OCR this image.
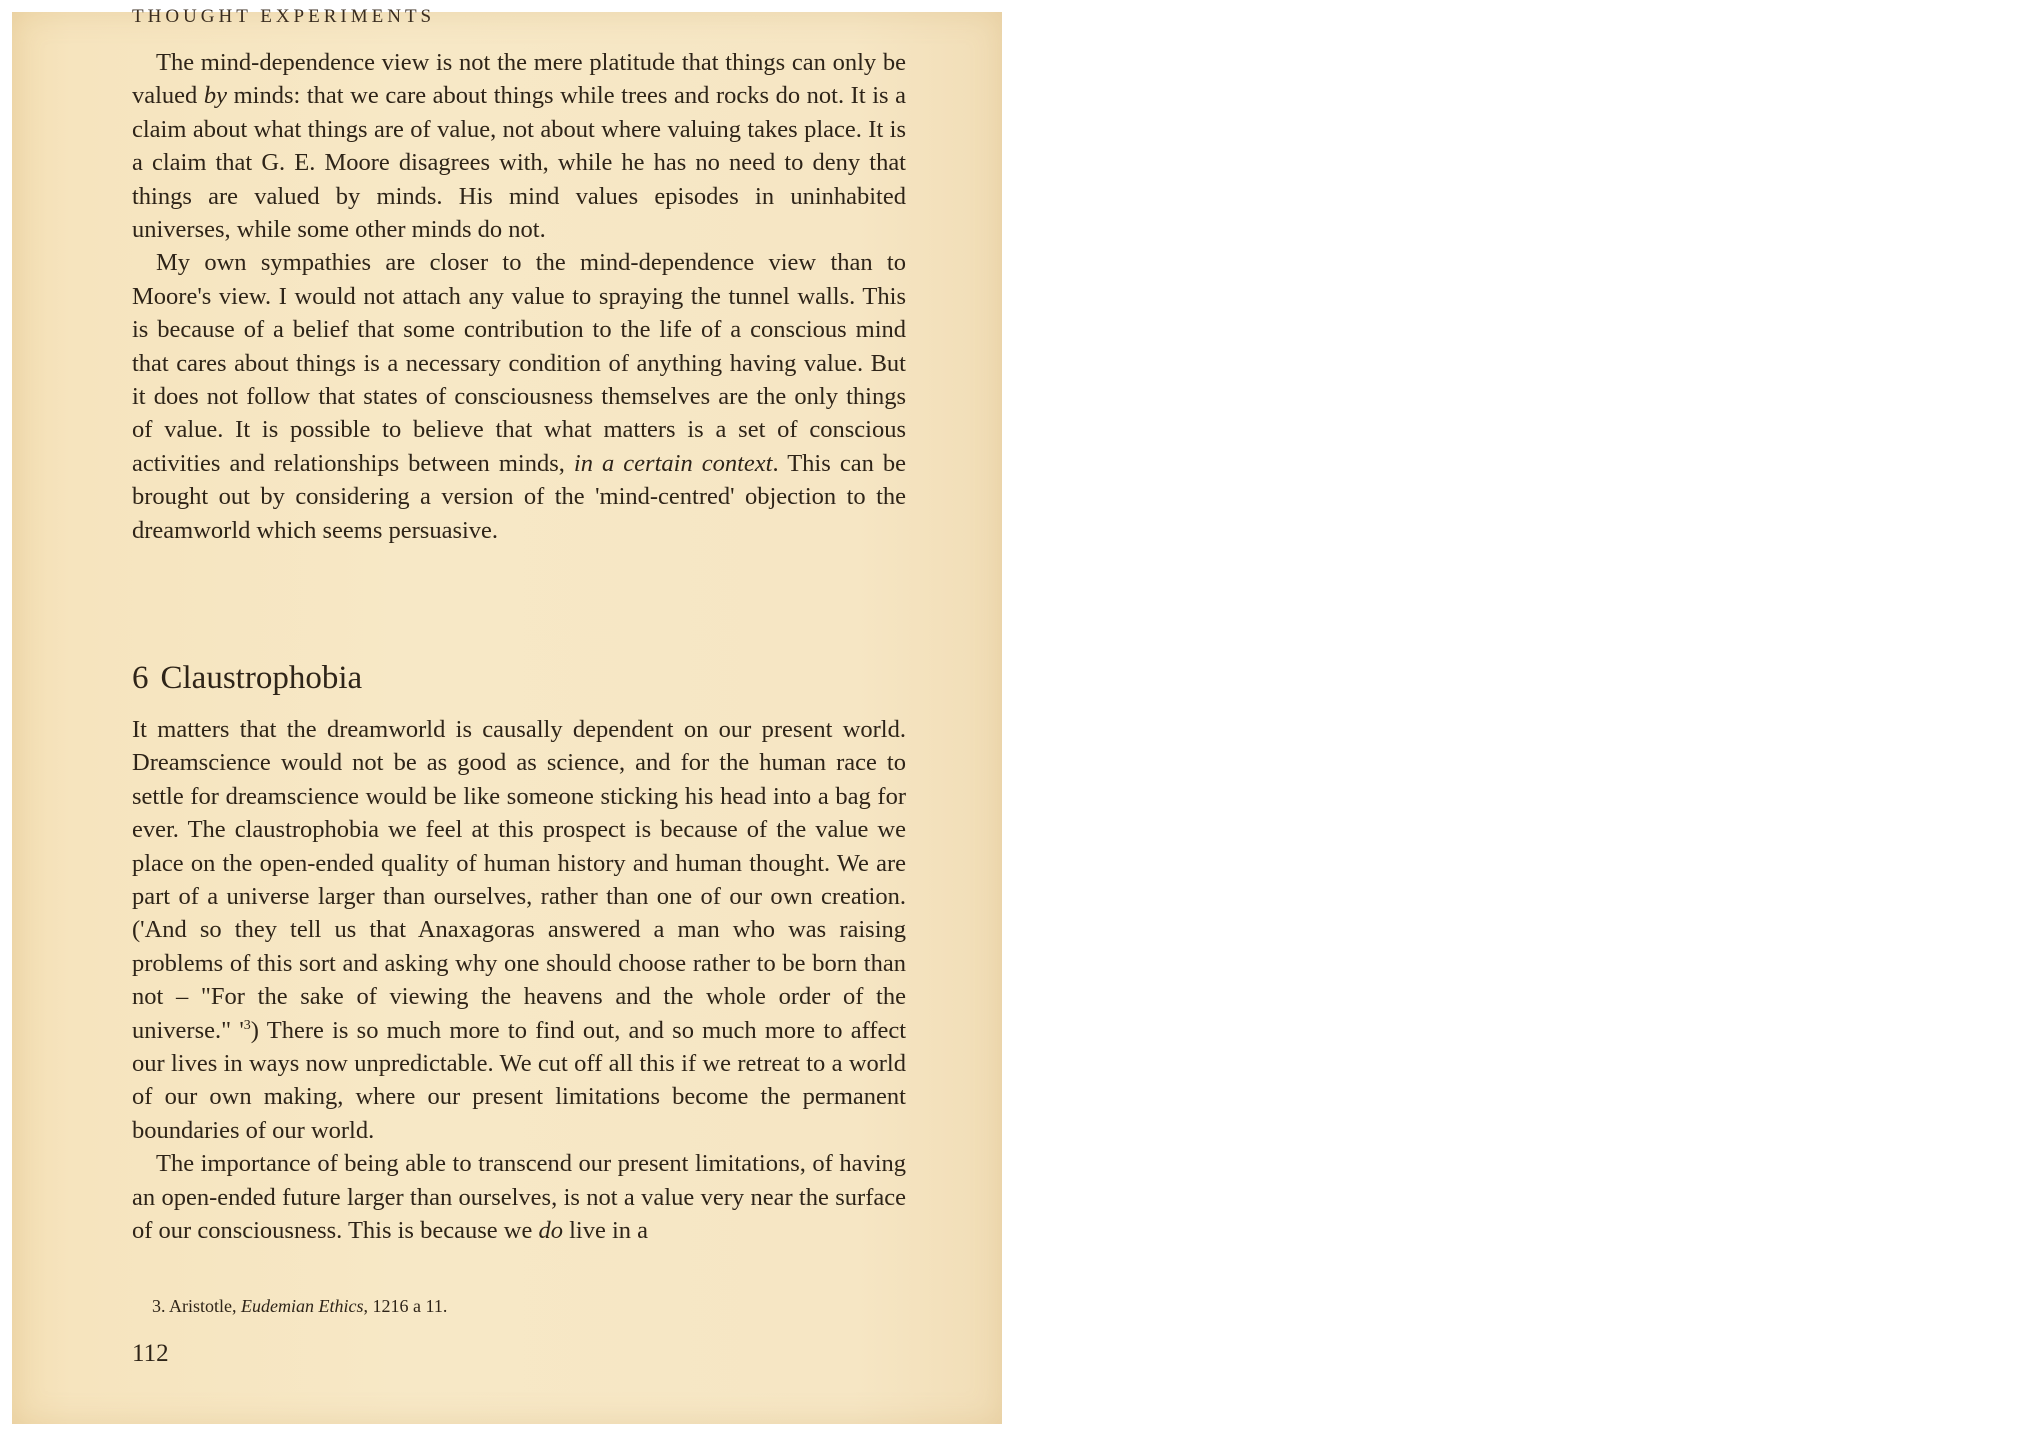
THOUGHT EXPERIMENTS

The mind-dependence view is not the mere platitude that things can only be valued by minds: that we care about things while trees and rocks do not. It is a claim about what things are of value, not about where valuing takes place. It is a claim that G. E. Moore disagrees with, while he has no need to deny that things are valued by minds. His mind values episodes in uninhabited universes, while some other minds do not.

My own sympathies are closer to the mind-dependence view than to Moore's view. I would not attach any value to spraying the tunnel walls. This is because of a belief that some contribution to the life of a conscious mind that cares about things is a necessary condition of anything having value. But it does not follow that states of consciousness themselves are the only things of value. It is possible to believe that what matters is a set of conscious activities and relationships between minds, in a certain context. This can be brought out by considering a version of the 'mind-centred' objection to the dreamworld which seems persuasive.

6 Claustrophobia

It matters that the dreamworld is causally dependent on our present world. Dreamscience would not be as good as science, and for the human race to settle for dreamscience would be like someone sticking his head into a bag for ever. The claustrophobia we feel at this prospect is because of the value we place on the open-ended quality of human history and human thought. We are part of a universe larger than ourselves, rather than one of our own creation. ('And so they tell us that Anaxagoras answered a man who was raising problems of this sort and asking why one should choose rather to be born than not – "For the sake of viewing the heavens and the whole order of the universe." '$^3$) There is so much more to find out, and so much more to affect our lives in ways now unpredictable. We cut off all this if we retreat to a world of our own making, where our present limitations become the permanent boundaries of our world.

The importance of being able to transcend our present limitations, of having an open-ended future larger than ourselves, is not a value very near the surface of our consciousness. This is because we do live in a

3. Aristotle, Eudemian Ethics, 1216 a 11.
112
